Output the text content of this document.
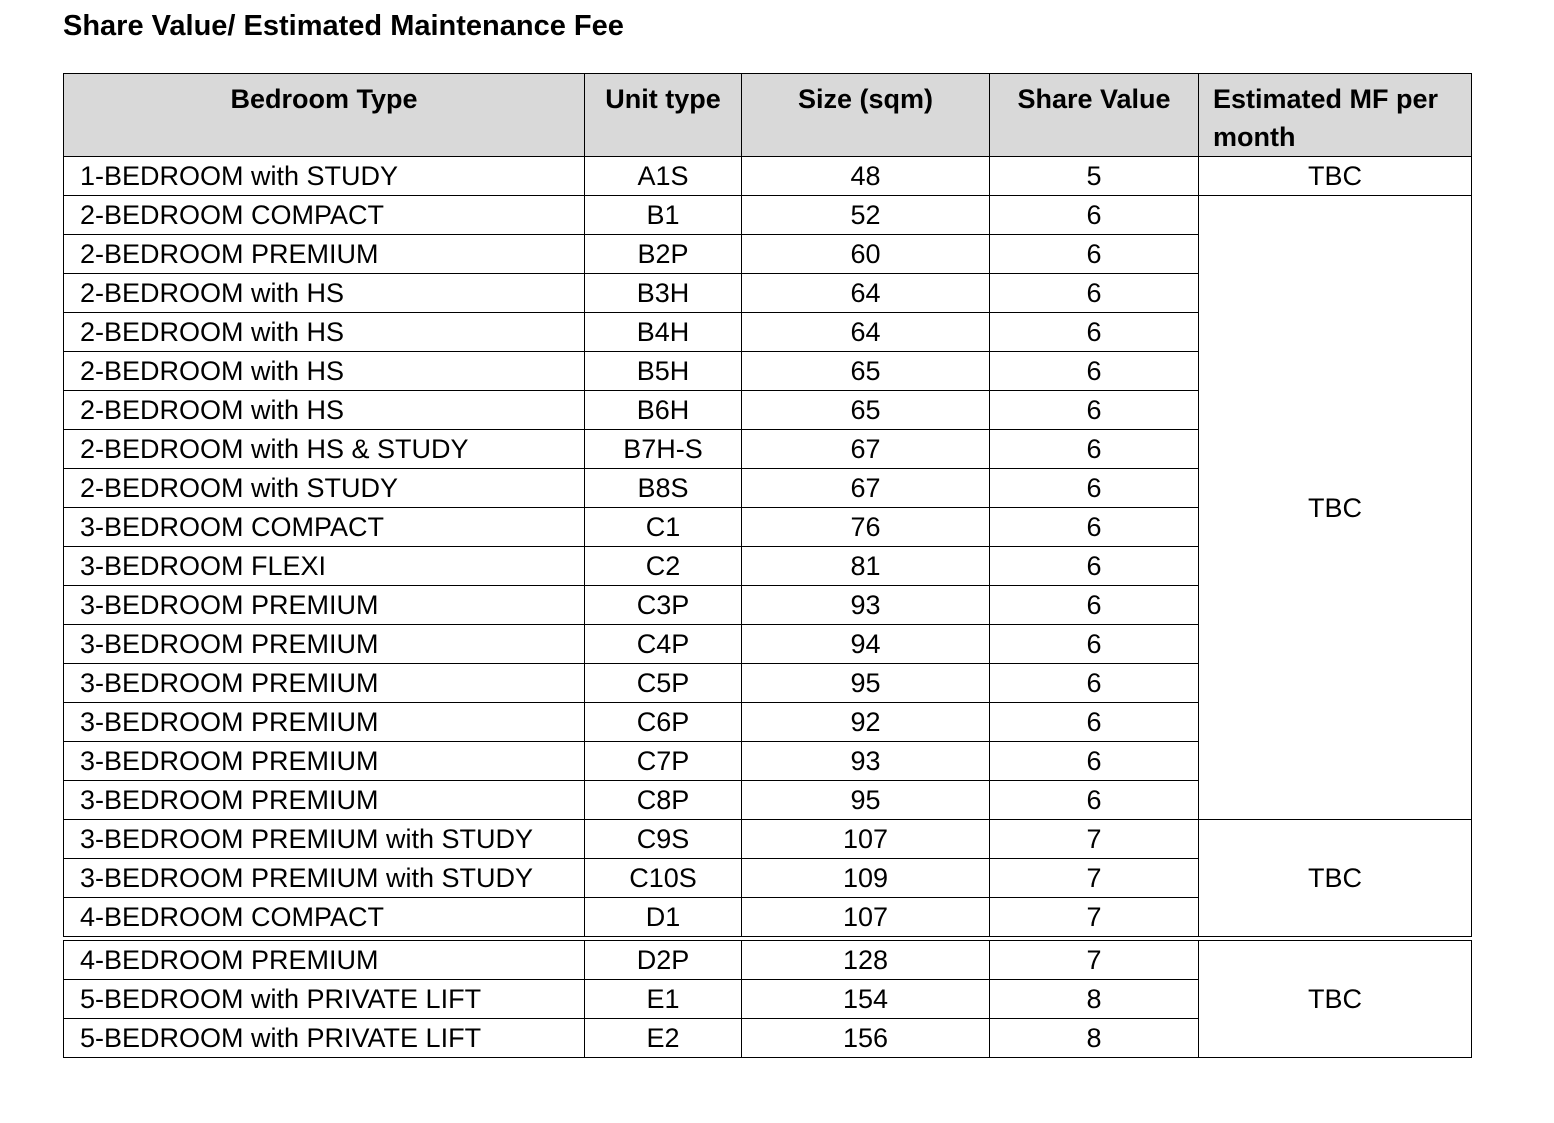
Share Value/ Estimated Maintenance Fee
Bedroom Type	Unit type	Size (sqm)	Share Value	Estimated MF per month
1-BEDROOM with STUDY	A1S	48	5	TBC
2-BEDROOM COMPACT	B1	52	6	TBC
2-BEDROOM PREMIUM	B2P	60	6	
2-BEDROOM with HS	B3H	64	6	
2-BEDROOM with HS	B4H	64	6	
2-BEDROOM with HS	B5H	65	6	
2-BEDROOM with HS	B6H	65	6	
2-BEDROOM with HS & STUDY	B7H-S	67	6	
2-BEDROOM with STUDY	B8S	67	6	
3-BEDROOM COMPACT	C1	76	6	
3-BEDROOM FLEXI	C2	81	6	
3-BEDROOM PREMIUM	C3P	93	6	
3-BEDROOM PREMIUM	C4P	94	6	
3-BEDROOM PREMIUM	C5P	95	6	
3-BEDROOM PREMIUM	C6P	92	6	
3-BEDROOM PREMIUM	C7P	93	6	
3-BEDROOM PREMIUM	C8P	95	6	
3-BEDROOM PREMIUM with STUDY	C9S	107	7	TBC
3-BEDROOM PREMIUM with STUDY	C10S	109	7	
4-BEDROOM COMPACT	D1	107	7	

4-BEDROOM PREMIUM	D2P	128	7	TBC
5-BEDROOM with PRIVATE LIFT	E1	154	8	
5-BEDROOM with PRIVATE LIFT	E2	156	8	
